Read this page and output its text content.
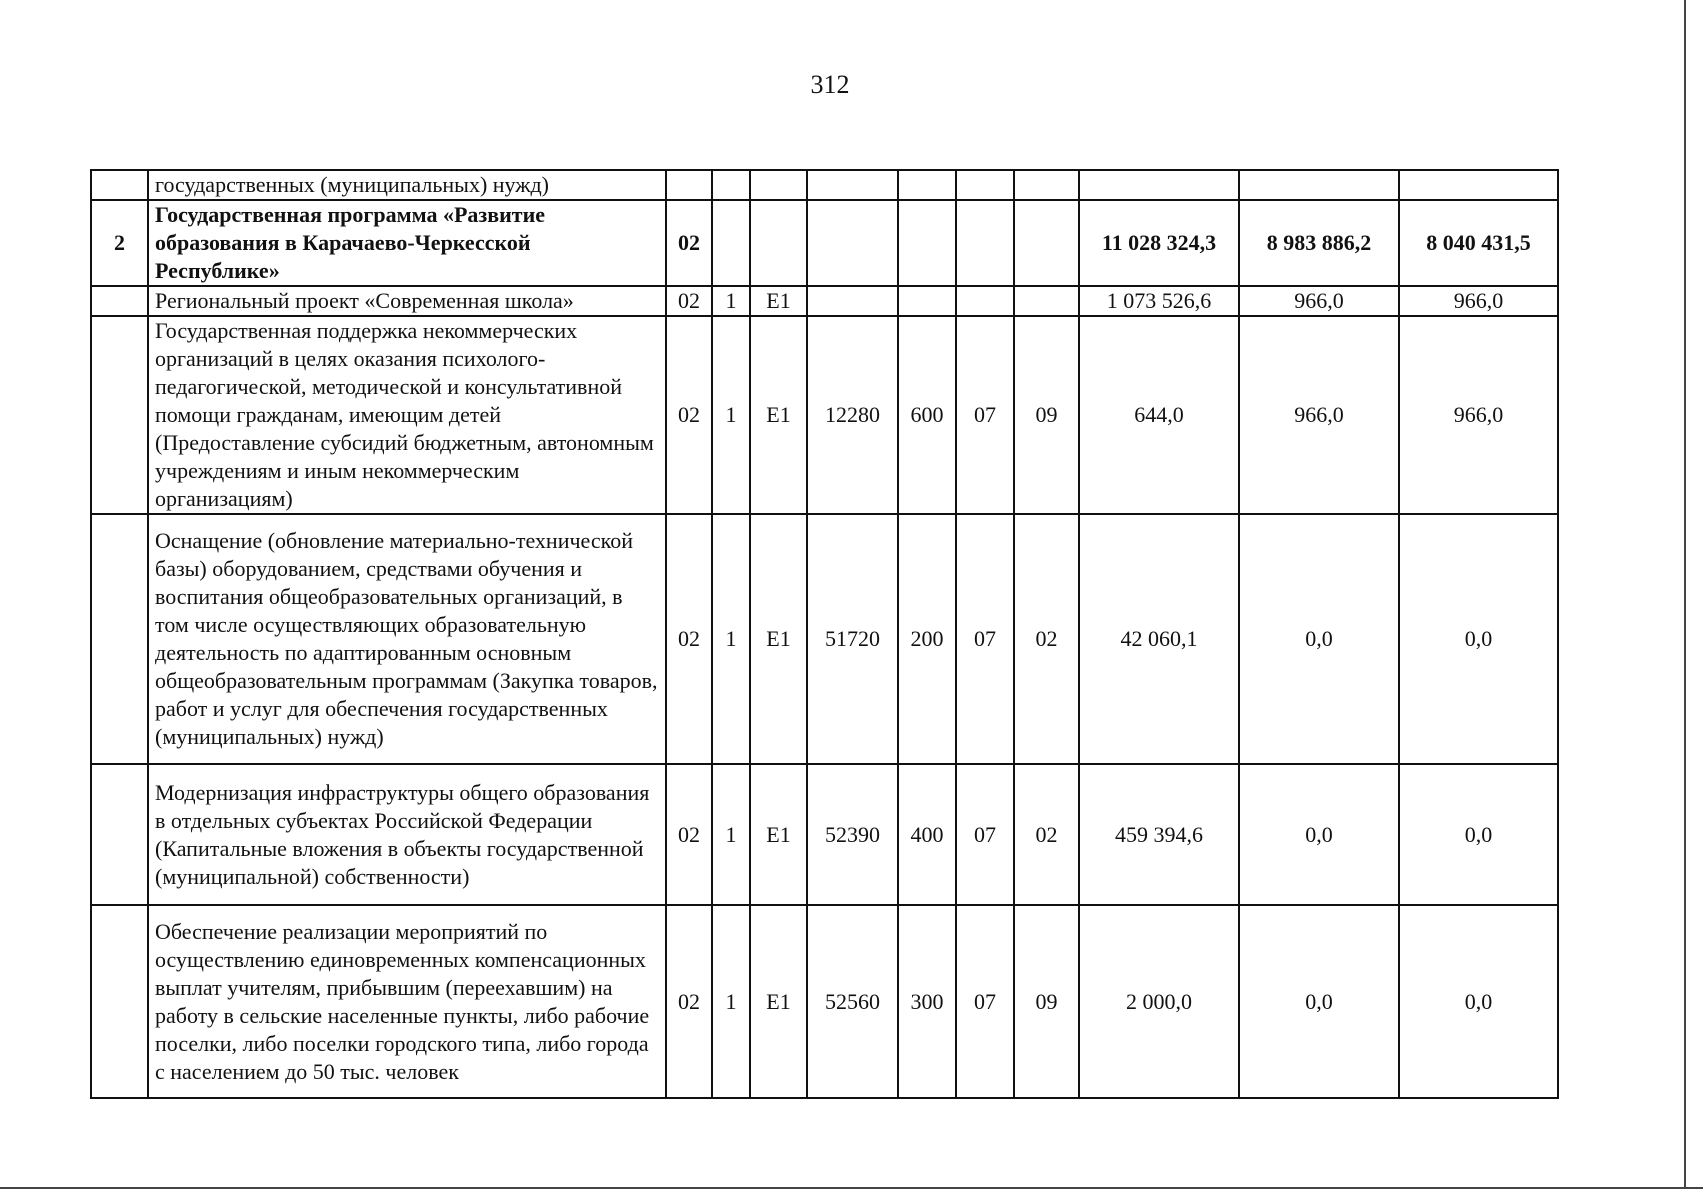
312
	государственных (муниципальных) нужд)										
2	Государственная программа «Развитие образования в Карачаево-Черкесской Республике»	02							11 028 324,3	8 983 886,2	8 040 431,5
	Региональный проект «Современная школа»	02	1	E1					1 073 526,6	966,0	966,0
	Государственная поддержка некоммерческих организаций в целях оказания психолого-педагогической, методической и консультативной помощи гражданам, имеющим детей (Предоставление субсидий бюджетным, автономным учреждениям и иным некоммерческим организациям)	02	1	E1	12280	600	07	09	644,0	966,0	966,0
	Оснащение (обновление материально-технической базы) оборудованием, средствами обучения и воспитания общеобразовательных организаций, в том числе осуществляющих образовательную деятельность по адаптированным основным общеобразовательным программам (Закупка товаров, работ и услуг для обеспечения государственных (муниципальных) нужд)	02	1	E1	51720	200	07	02	42 060,1	0,0	0,0
	Модернизация инфраструктуры общего образования в отдельных субъектах Российской Федерации (Капитальные вложения в объекты государственной (муниципальной) собственности)	02	1	E1	52390	400	07	02	459 394,6	0,0	0,0
	Обеспечение реализации мероприятий по осуществлению единовременных компенсационных выплат учителям, прибывшим (переехавшим) на работу в сельские населенные пункты, либо рабочие поселки, либо поселки городского типа, либо города с населением до 50 тыс. человек	02	1	E1	52560	300	07	09	2 000,0	0,0	0,0
